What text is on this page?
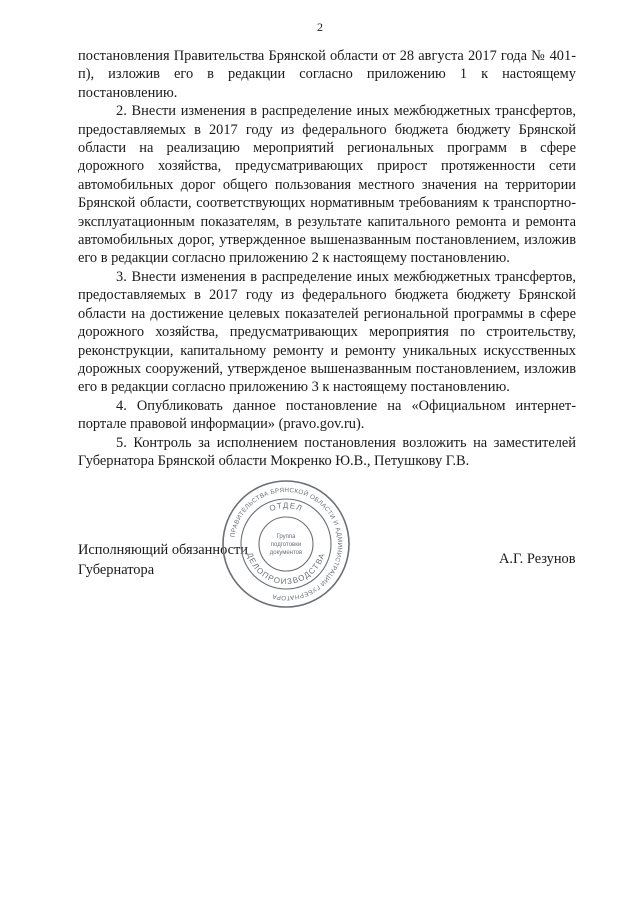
2

постановления Правительства Брянской области от 28 августа 2017 года № 401-п), изложив его в редакции согласно приложению 1 к настоящему постановлению.

2. Внести изменения в распределение иных межбюджетных трансфертов, предоставляемых в 2017 году из федерального бюджета бюджету Брянской области на реализацию мероприятий региональных программ в сфере дорожного хозяйства, предусматривающих прирост протяженности сети автомобильных дорог общего пользования местного значения на территории Брянской области, соответствующих нормативным требованиям к транспортно-эксплуатационным показателям, в результате капитального ремонта и ремонта автомобильных дорог, утвержденное вышеназванным постановлением, изложив его в редакции согласно приложению 2 к настоящему постановлению.

3. Внести изменения в распределение иных межбюджетных трансфертов, предоставляемых в 2017 году из федерального бюджета бюджету Брянской области на достижение целевых показателей региональной программы в сфере дорожного хозяйства, предусматривающих мероприятия по строительству, реконструкции, капитальному ремонту и ремонту уникальных искусственных дорожных сооружений, утвержденое вышеназванным постановлением, изложив его в редакции согласно приложению 3 к настоящему постановлению.

4. Опубликовать данное постановление на «Официальном интернет-портале правовой информации» (pravo.gov.ru).

5. Контроль за исполнением постановления возложить на заместителей Губернатора Брянской области Мокренко Ю.В., Петушкову Г.В.

Исполняющий обязанности
Губернатора
А.Г. Резунов
ПРАВИТЕЛЬСТВА БРЯНСКОЙ ОБЛАСТИ И АДМИНИСТРАЦИИ ГУБЕРНАТОРА
ОТДЕЛ
ДЕЛОПРОИЗВОДСТВА
Группа
подготовки
документов
